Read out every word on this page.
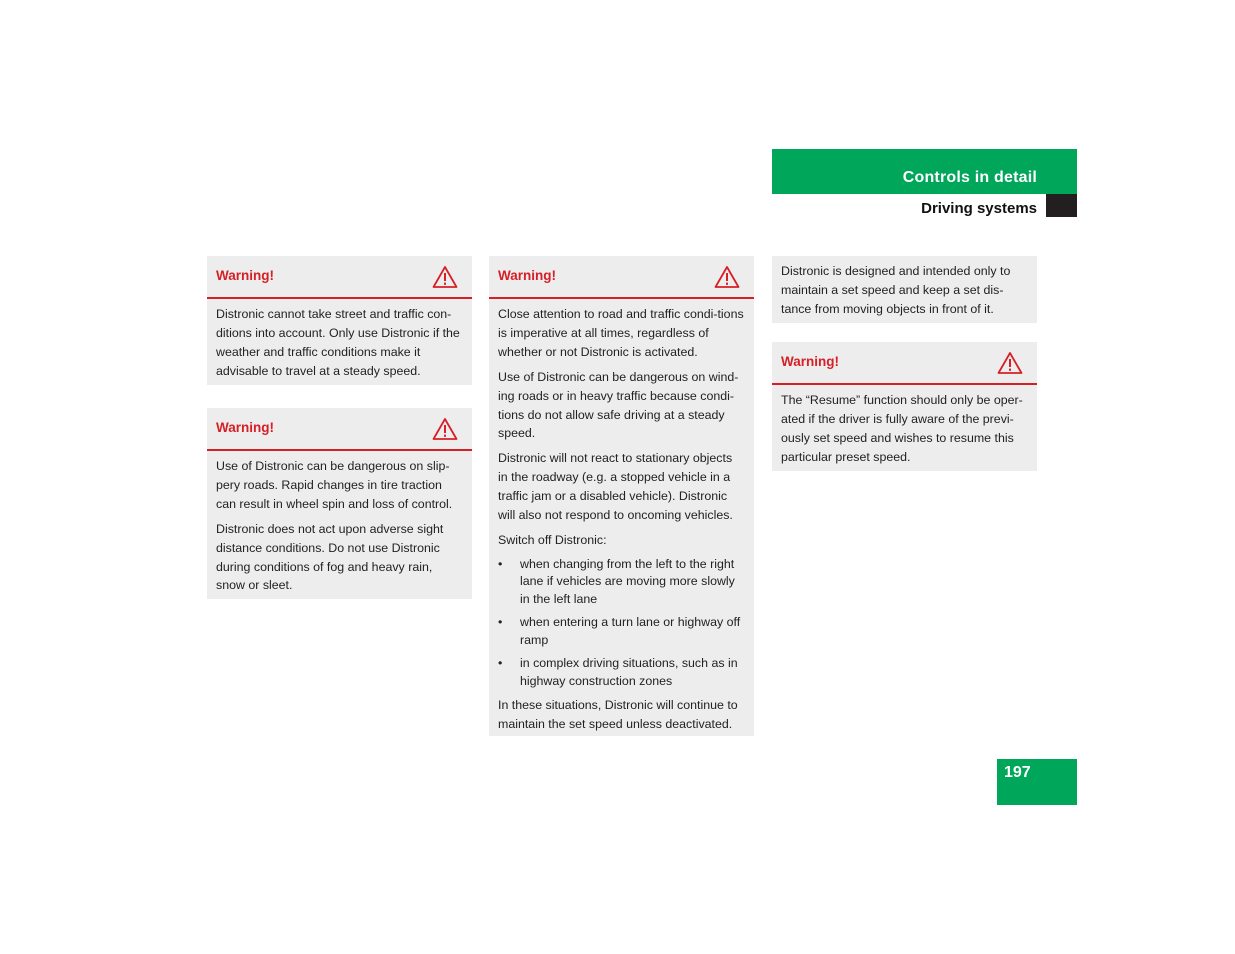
Controls in detail
Driving systems
Warning!

Distronic cannot take street and traffic con-ditions into account. Only use Distronic if the weather and traffic conditions make it advisable to travel at a steady speed.

Warning!

Use of Distronic can be dangerous on slip-pery roads. Rapid changes in tire traction can result in wheel spin and loss of control.

Distronic does not act upon adverse sight distance conditions. Do not use Distronic during conditions of fog and heavy rain, snow or sleet.

Warning!

Close attention to road and traffic condi-tions is imperative at all times, regardless of whether or not Distronic is activated.

Use of Distronic can be dangerous on wind-ing roads or in heavy traffic because condi-tions do not allow safe driving at a steady speed.

Distronic will not react to stationary objects in the roadway (e.g. a stopped vehicle in a traffic jam or a disabled vehicle). Distronic will also not respond to oncoming vehicles.

Switch off Distronic:

• when changing from the left to the right lane if vehicles are moving more slowly in the left lane
• when entering a turn lane or highway off ramp
• in complex driving situations, such as in highway construction zones

In these situations, Distronic will continue to maintain the set speed unless deactivated.

Distronic is designed and intended only to maintain a set speed and keep a set dis-tance from moving objects in front of it.

Warning!

The “Resume” function should only be oper-ated if the driver is fully aware of the previ-ously set speed and wishes to resume this particular preset speed.

197
